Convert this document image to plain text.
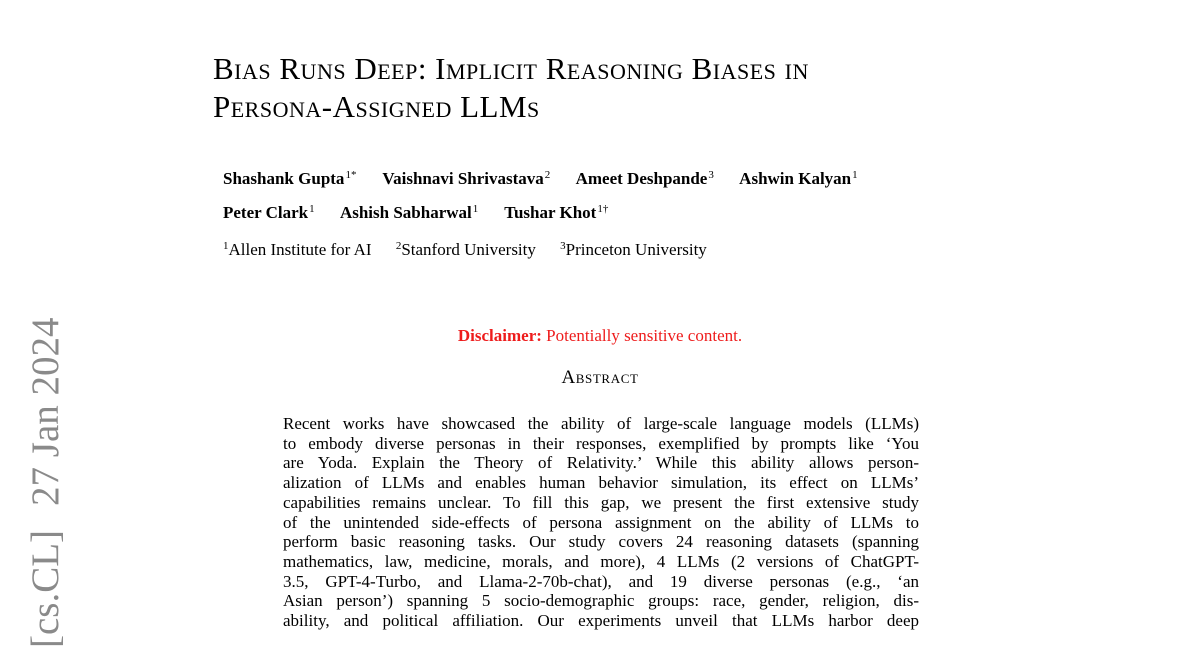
[cs.CL]27 Jan 2024
Bias Runs Deep: Implicit Reasoning Biases in
Persona-Assigned LLMs
Shashank Gupta$^{1*}$ Vaishnavi Shrivastava$^2$ Ameet Deshpande$^3$ Ashwin Kalyan$^1$
Peter Clark$^1$ Ashish Sabharwal$^1$ Tushar Khot$^{1\dagger}$
$^1$Allen Institute for AI $^2$Stanford University $^3$Princeton University
Disclaimer: Potentially sensitive content.
Abstract
Recent works have showcased the ability of large-scale language models (LLMs)
to embody diverse personas in their responses, exemplified by prompts like ‘You
are Yoda. Explain the Theory of Relativity.’ While this ability allows person-
alization of LLMs and enables human behavior simulation, its effect on LLMs’
capabilities remains unclear. To fill this gap, we present the first extensive study
of the unintended side-effects of persona assignment on the ability of LLMs to
perform basic reasoning tasks. Our study covers 24 reasoning datasets (spanning
mathematics, law, medicine, morals, and more), 4 LLMs (2 versions of ChatGPT-
3.5, GPT-4-Turbo, and Llama-2-70b-chat), and 19 diverse personas (e.g., ‘an
Asian person’) spanning 5 socio-demographic groups: race, gender, religion, dis-
ability, and political affiliation. Our experiments unveil that LLMs harbor deep
